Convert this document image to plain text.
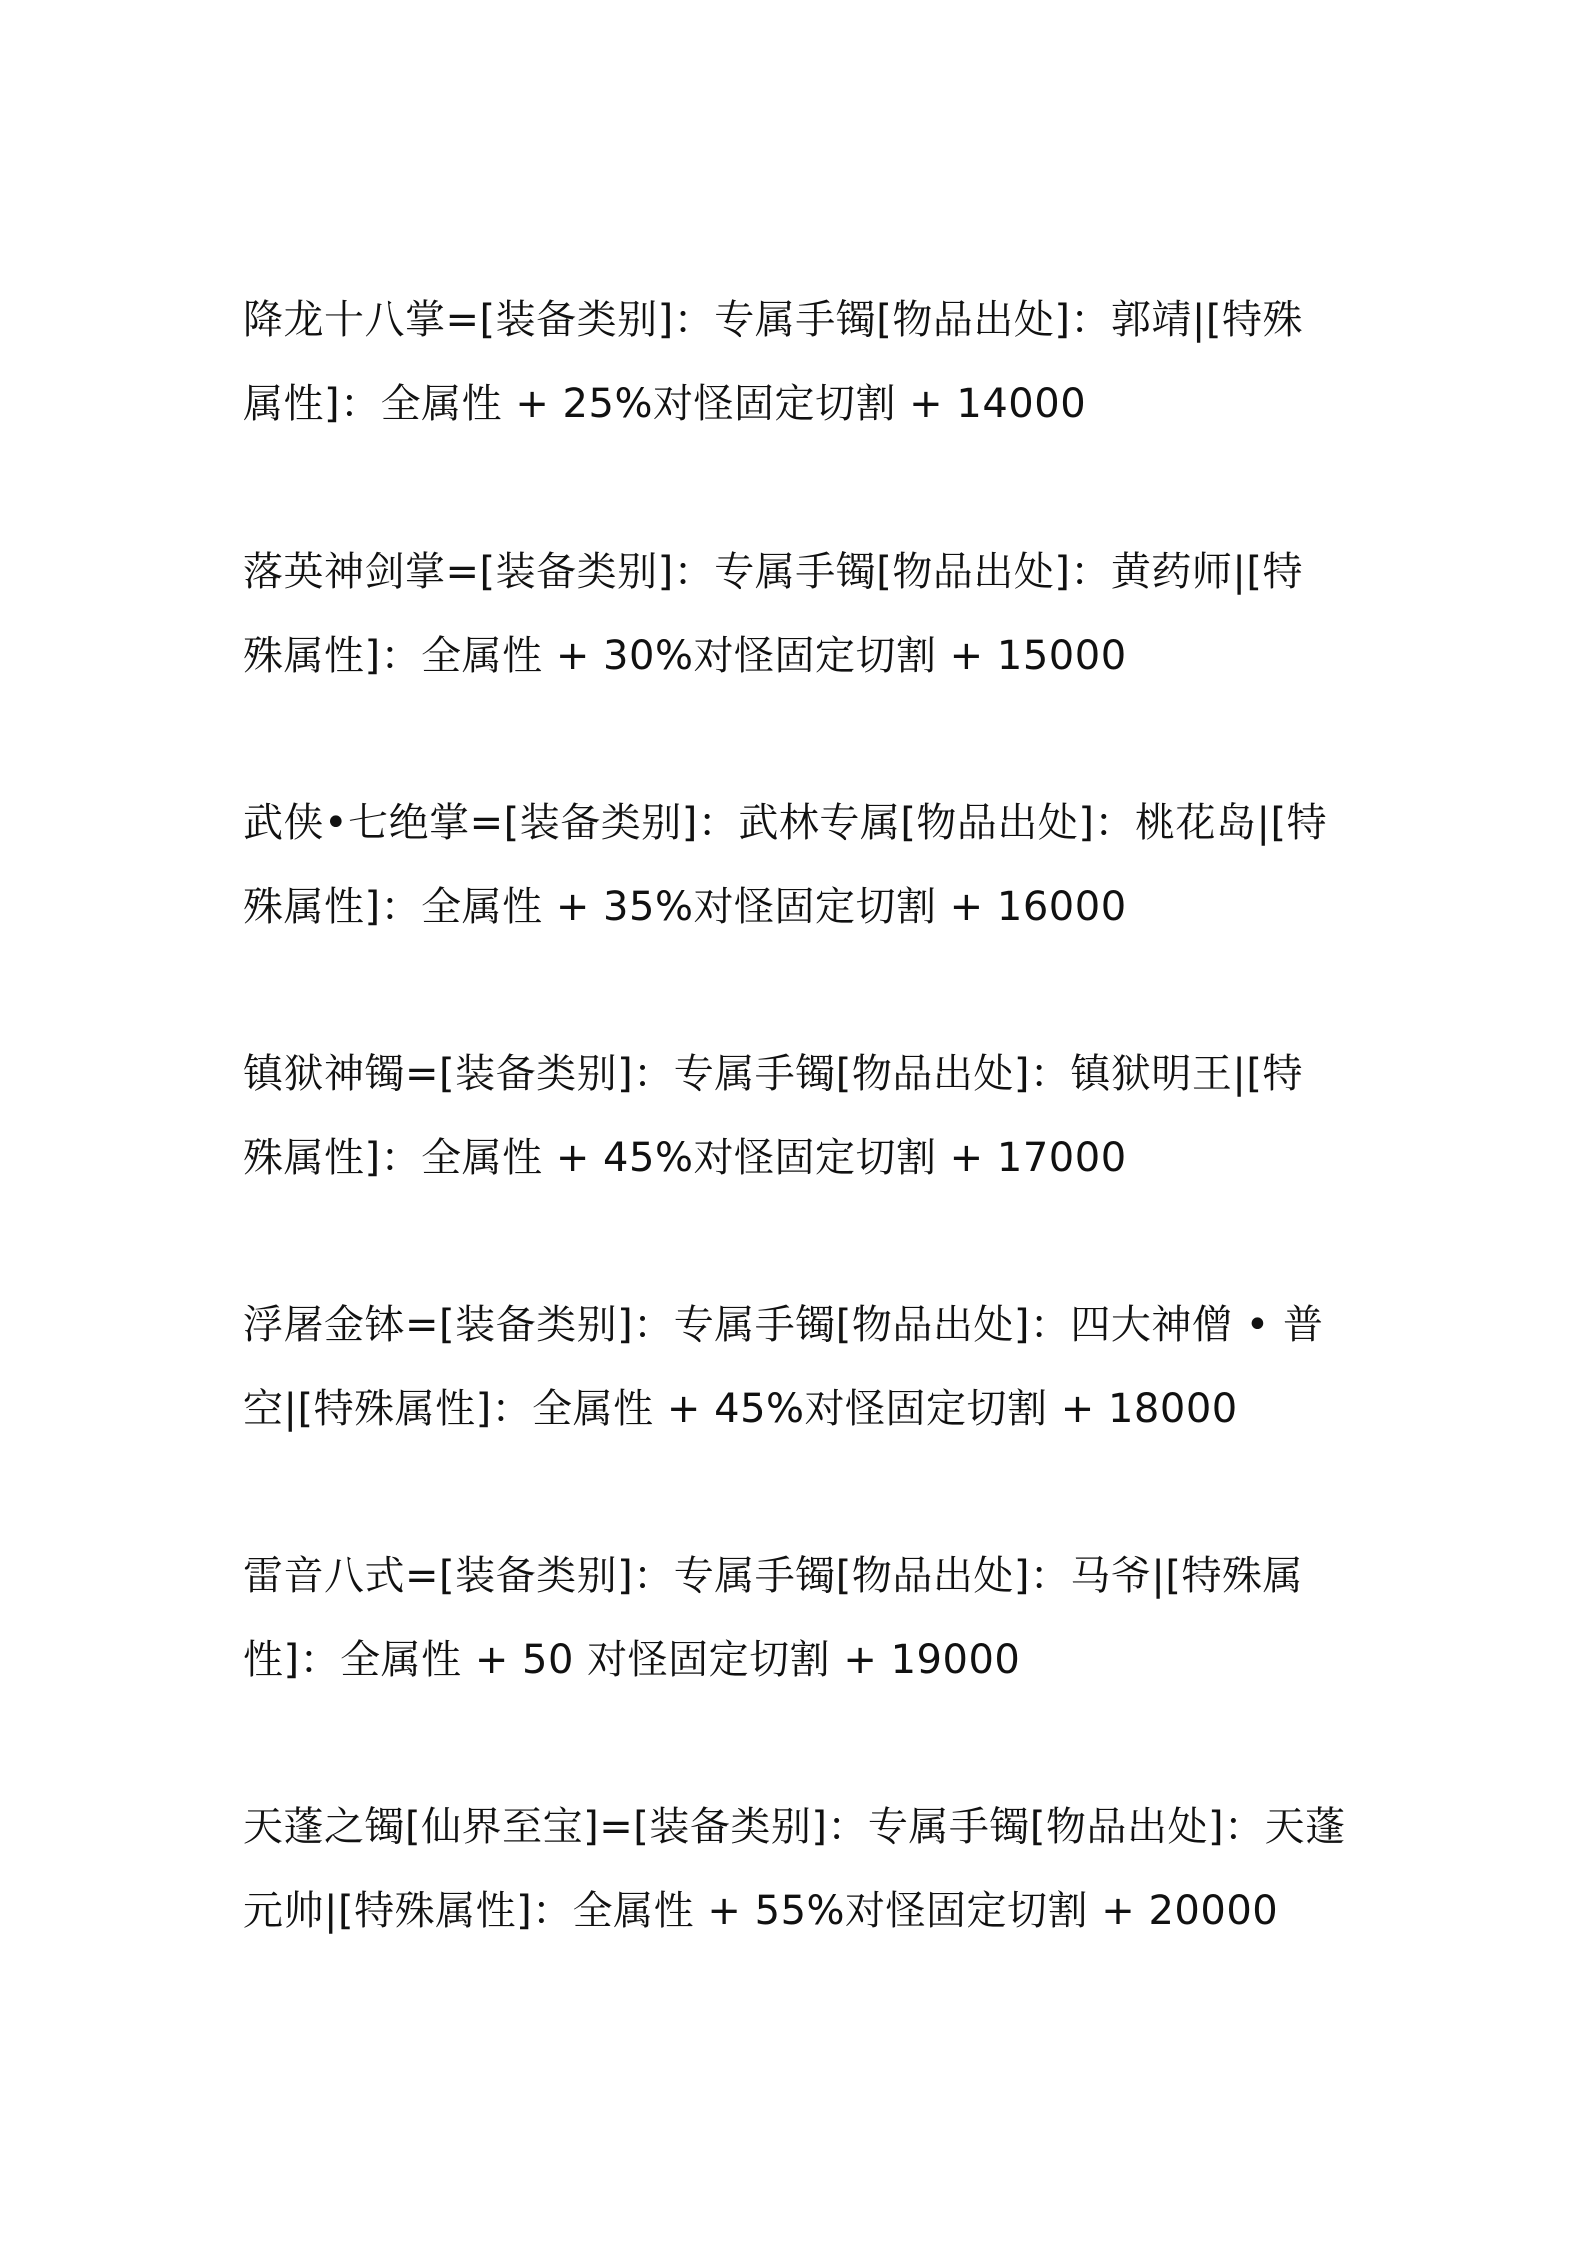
降龙十八掌=[装备类别]：专属手镯[物品出处]：郭靖|[特殊
属性]：全属性 + 25%对怪固定切割 + 14000

落英神剑掌=[装备类别]：专属手镯[物品出处]：黄药师|[特
殊属性]：全属性 + 30%对怪固定切割 + 15000

武侠•七绝掌=[装备类别]：武林专属[物品出处]：桃花岛|[特
殊属性]：全属性 + 35%对怪固定切割 + 16000

镇狱神镯=[装备类别]：专属手镯[物品出处]：镇狱明王|[特
殊属性]：全属性 + 45%对怪固定切割 + 17000

浮屠金钵=[装备类别]：专属手镯[物品出处]：四大神僧 • 普
空|[特殊属性]：全属性 + 45%对怪固定切割 + 18000

雷音八式=[装备类别]：专属手镯[物品出处]：马爷|[特殊属
性]：全属性 + 50 对怪固定切割 + 19000

天蓬之镯[仙界至宝]=[装备类别]：专属手镯[物品出处]：天蓬
元帅|[特殊属性]：全属性 + 55%对怪固定切割 + 20000
